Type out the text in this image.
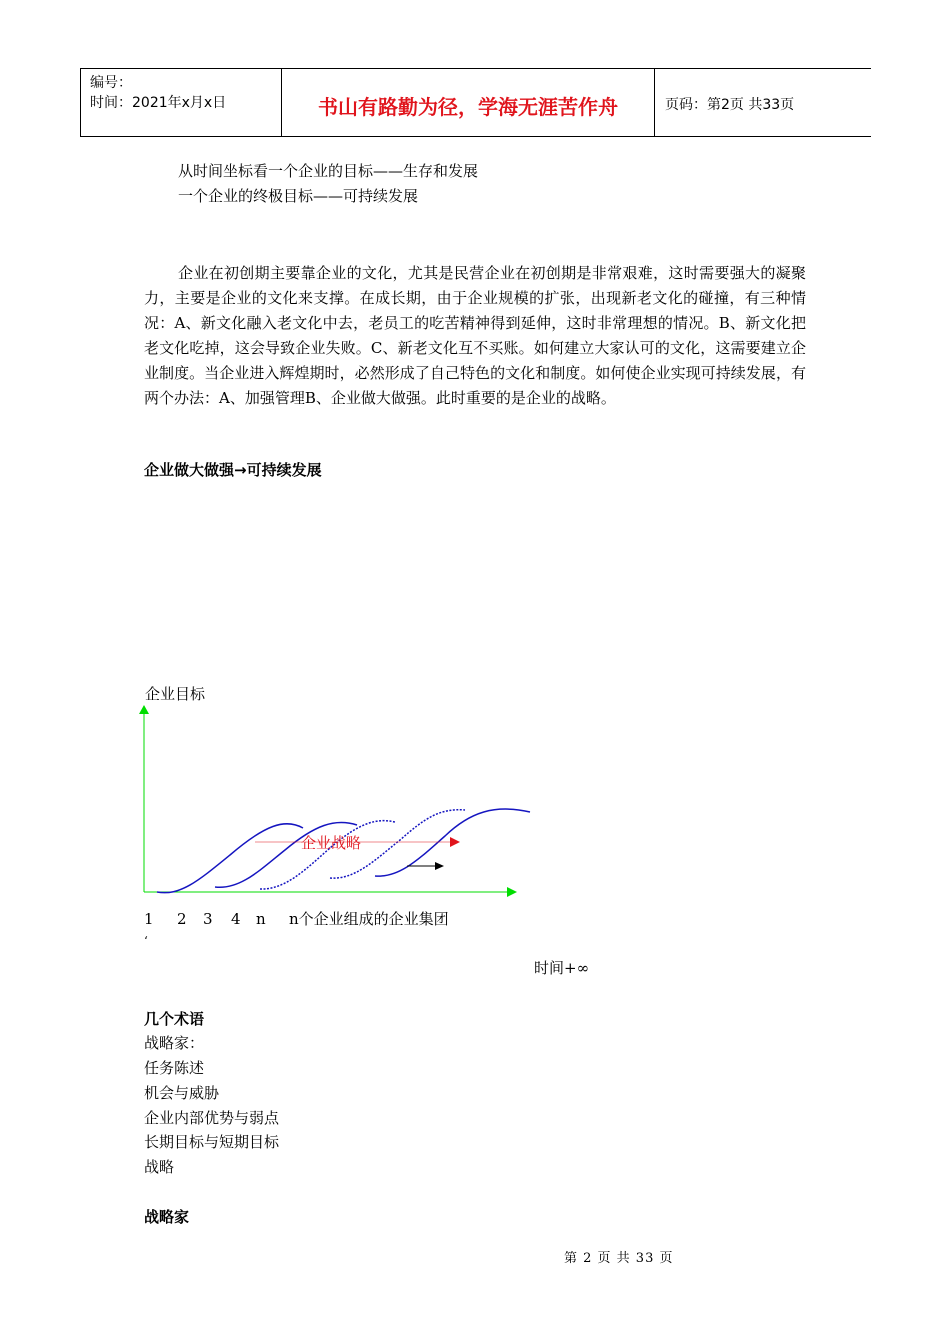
编号：
时间：2021年x月x日	书山有路勤为径，学海无涯苦作舟	页码：第2页 共33页
从时间坐标看一个企业的目标——生存和发展
一个企业的终极目标——可持续发展
企业在初创期主要靠企业的文化，尤其是民营企业在初创期是非常艰难，这时需要强大的凝聚力，主要是企业的文化来支撑。在成长期，由于企业规模的扩张，出现新老文化的碰撞，有三种情况：A、新文化融入老文化中去，老员工的吃苦精神得到延伸，这时非常理想的情况。B、新文化把老文化吃掉，这会导致企业失败。C、新老文化互不买账。如何建立大家认可的文化，这需要建立企业制度。当企业进入辉煌期时，必然形成了自己特色的文化和制度。如何使企业实现可持续发展，有两个办法：A、加强管理B、企业做大做强。此时重要的是企业的战略。
企业做大做强→可持续发展
企业目标
企业战略
1 2 3 4 n n个企业组成的企业集团
‘
时间+∞
几个术语
战略家：
任务陈述
机会与威胁
企业内部优势与弱点
长期目标与短期目标
战略
战略家
第 2 页 共 33 页
